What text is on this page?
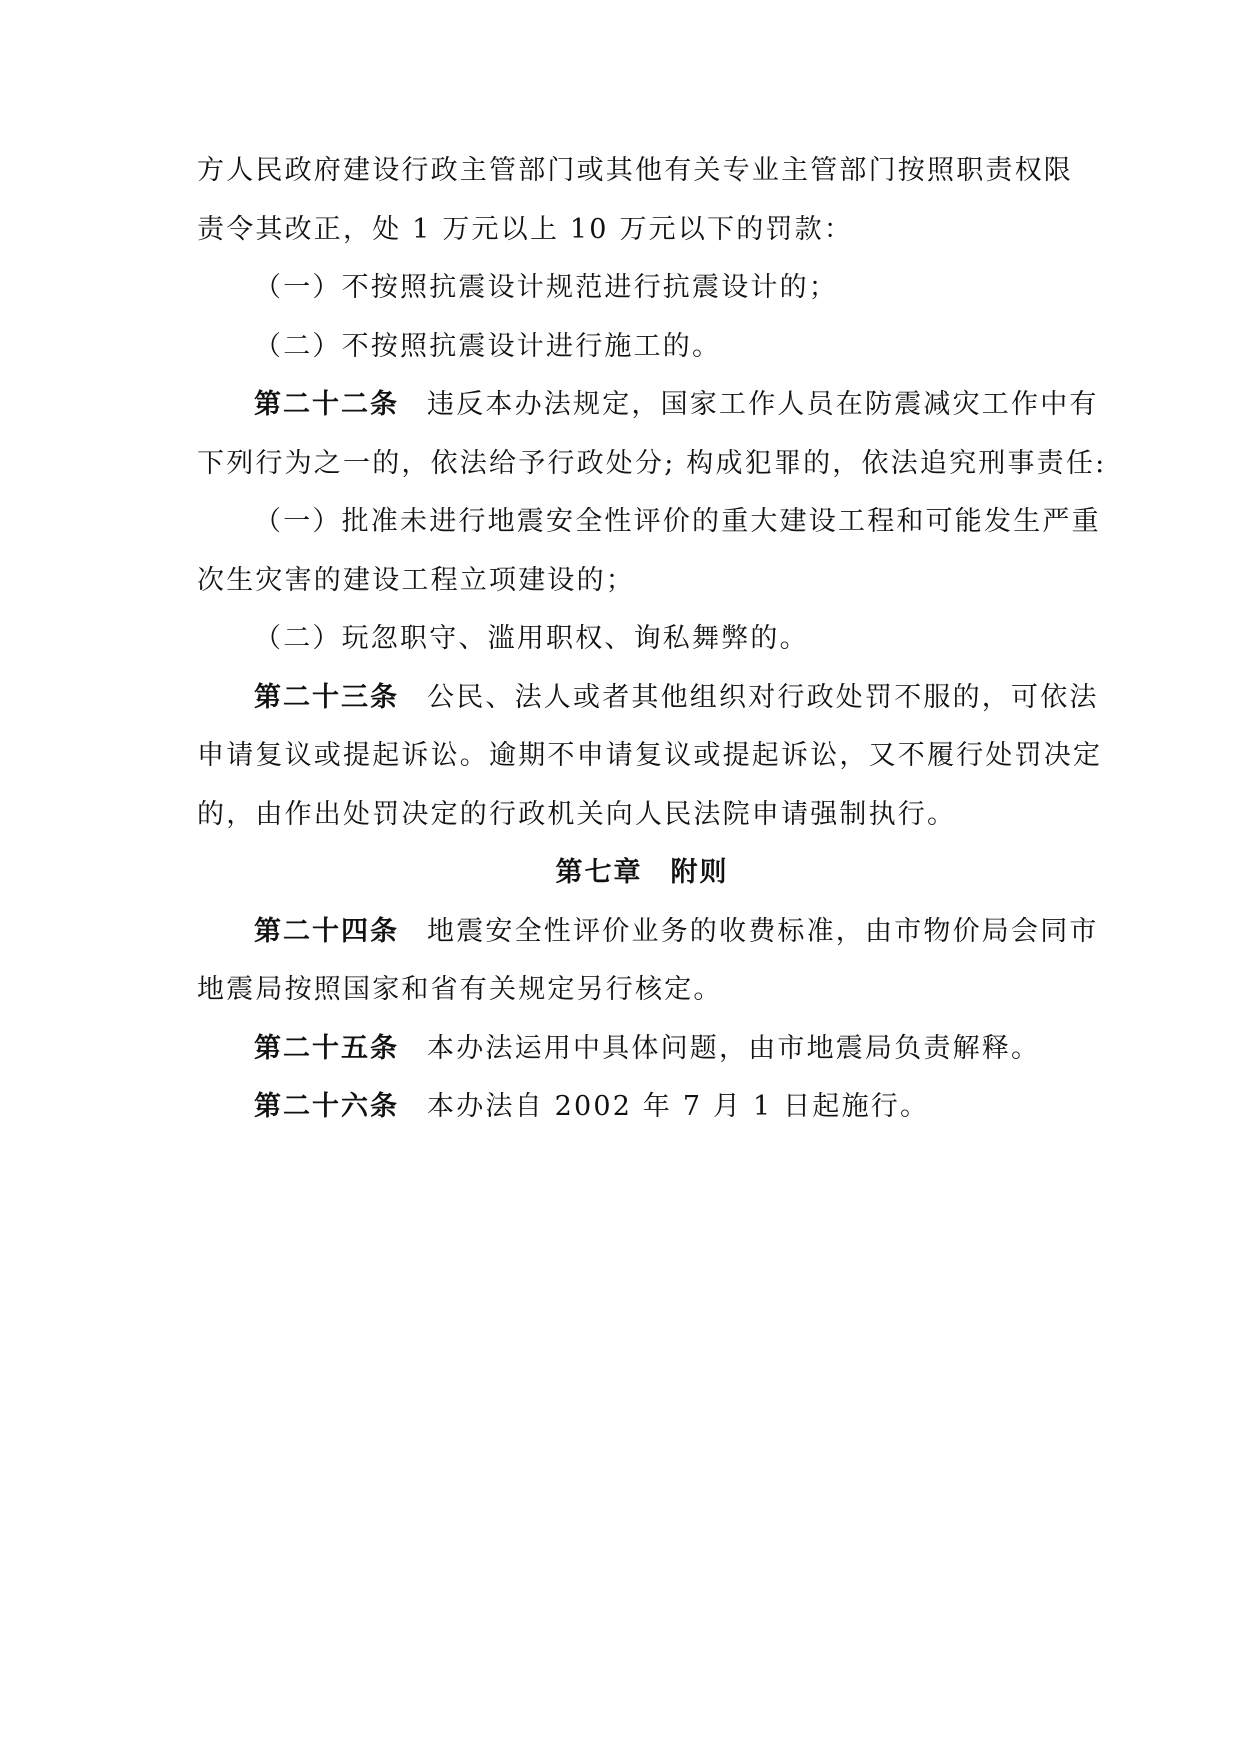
方人民政府建设行政主管部门或其他有关专业主管部门按照职责权限
责令其改正，处 1 万元以上 10 万元以下的罚款：
（一）不按照抗震设计规范进行抗震设计的；
（二）不按照抗震设计进行施工的。
第二十二条 违反本办法规定，国家工作人员在防震减灾工作中有
下列行为之一的，依法给予行政处分; 构成犯罪的，依法追究刑事责任:
（一）批准未进行地震安全性评价的重大建设工程和可能发生严重
次生灾害的建设工程立项建设的；
（二）玩忽职守、滥用职权、询私舞弊的。
第二十三条 公民、法人或者其他组织对行政处罚不服的，可依法
申请复议或提起诉讼。逾期不申请复议或提起诉讼，又不履行处罚决定
的，由作出处罚决定的行政机关向人民法院申请强制执行。
第七章 附则
第二十四条 地震安全性评价业务的收费标准，由市物价局会同市
地震局按照国家和省有关规定另行核定。
第二十五条 本办法运用中具体问题，由市地震局负责解释。
第二十六条 本办法自 2002 年 7 月 1 日起施行。
